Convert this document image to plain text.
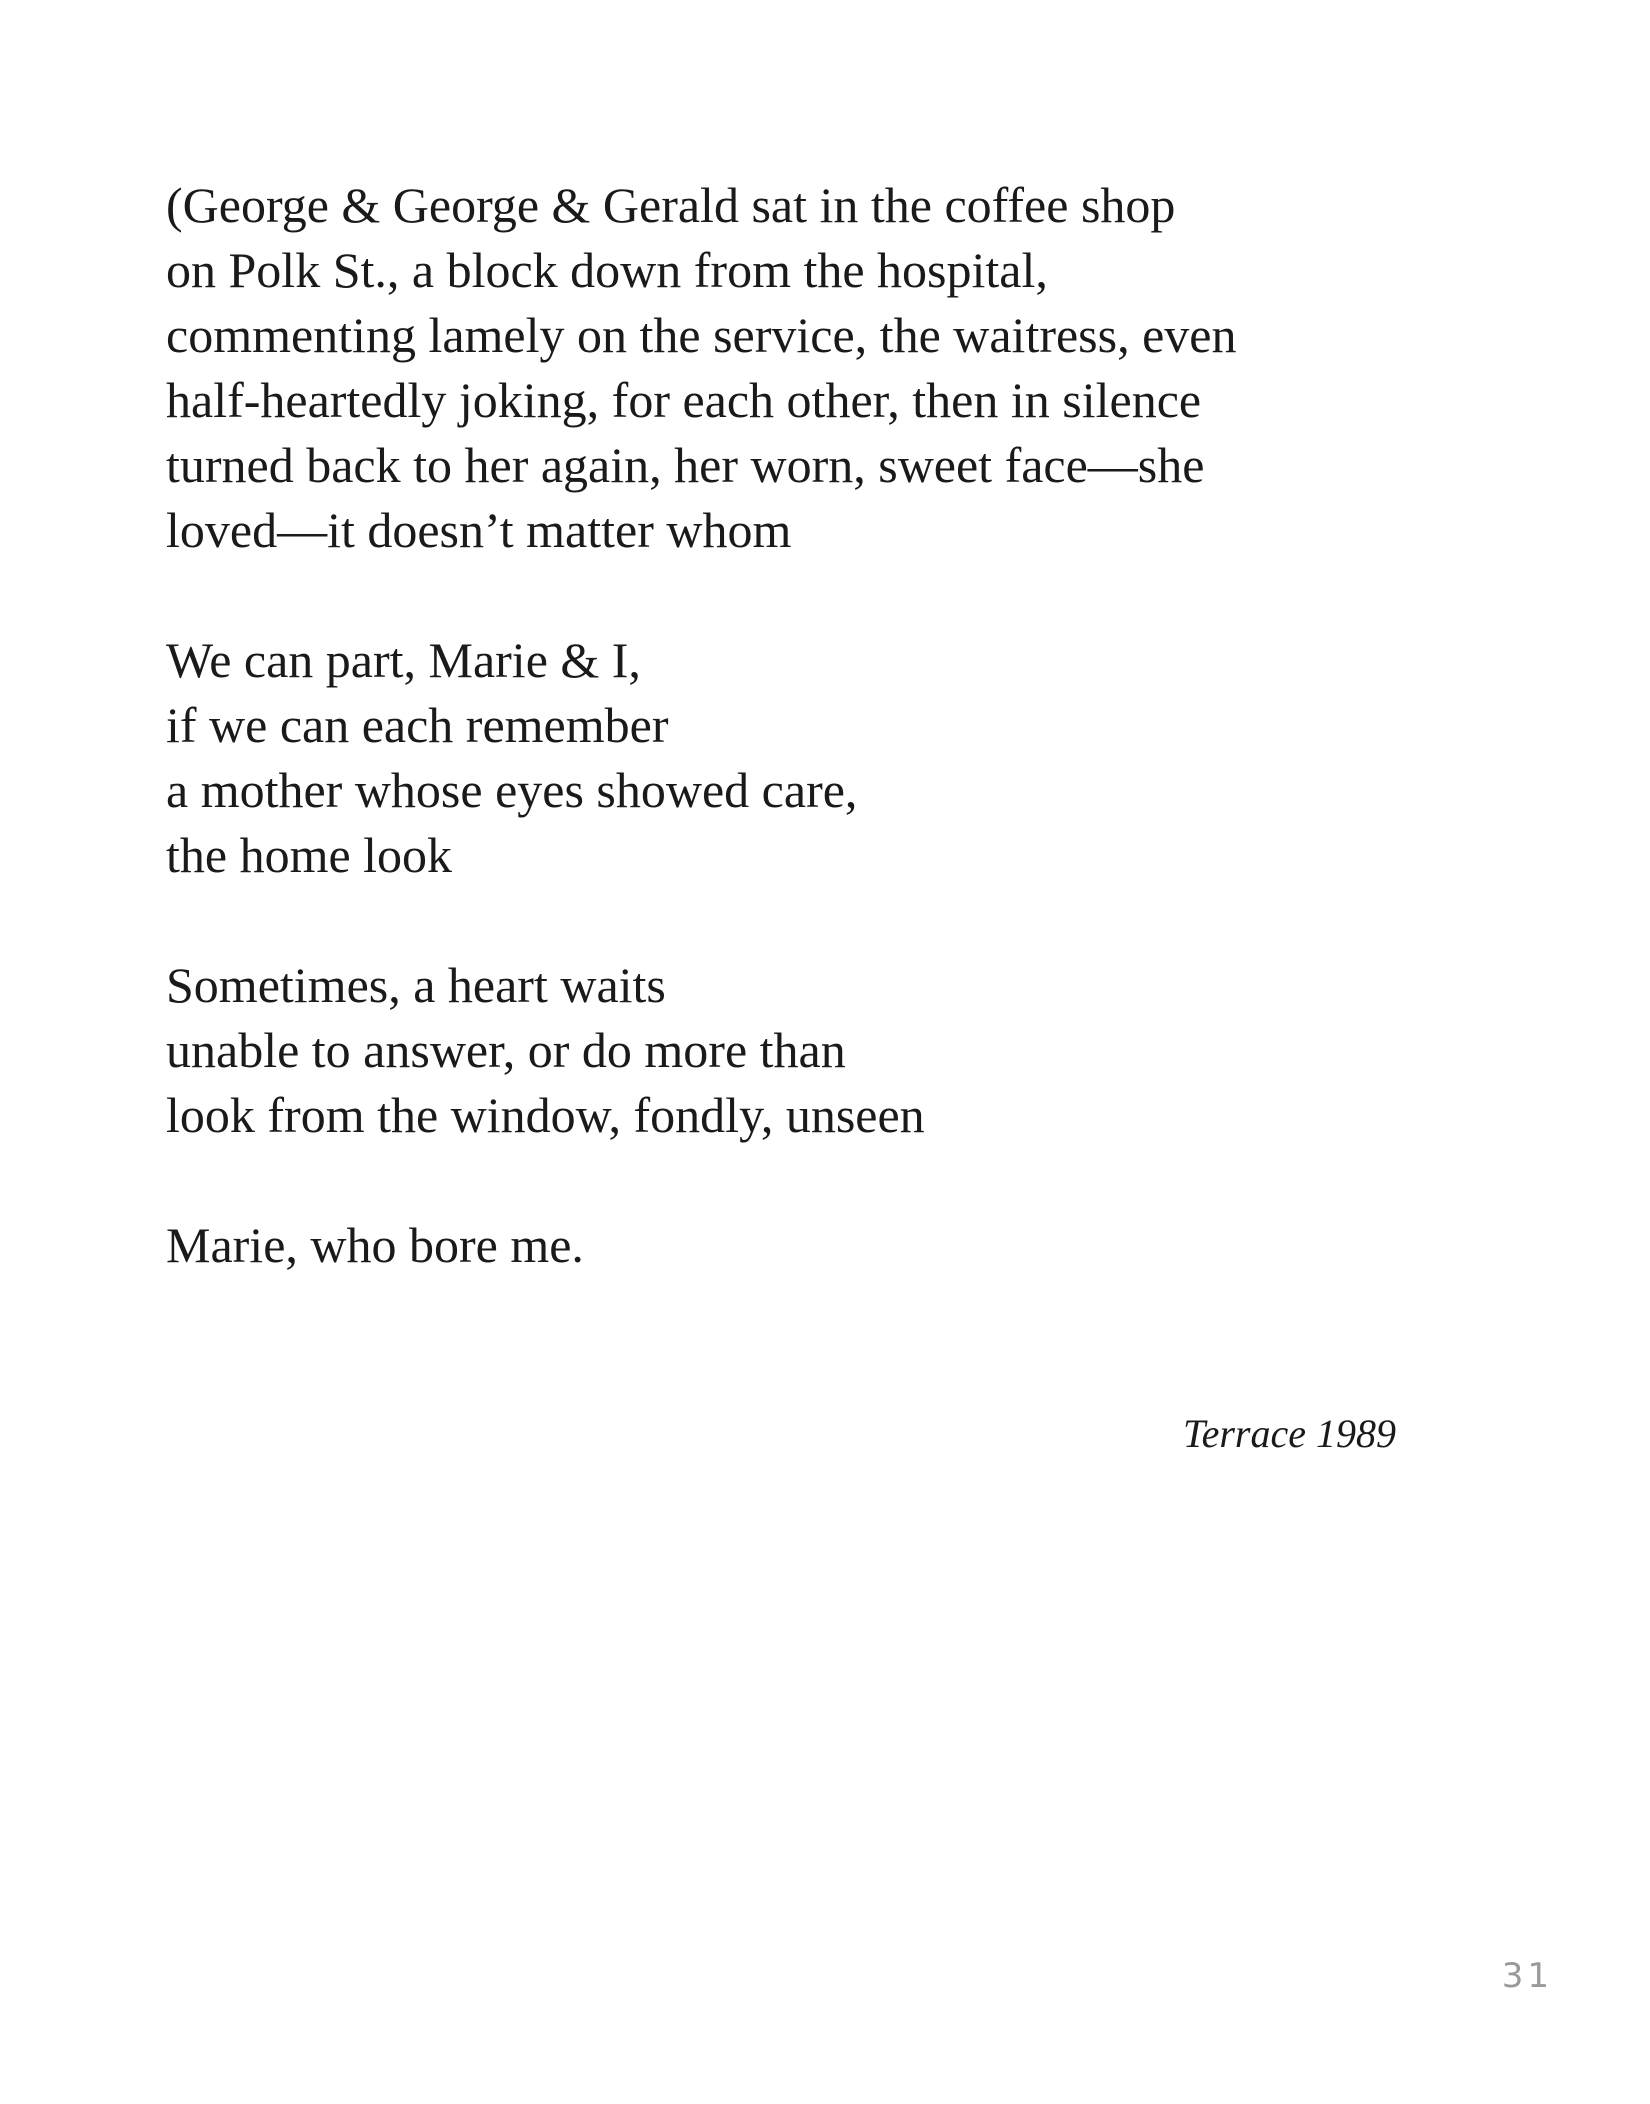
(George & George & Gerald sat in the coffee shop
on Polk St., a block down from the hospital,
commenting lamely on the service, the waitress, even
half-heartedly joking, for each other, then in silence
turned back to her again, her worn, sweet face—she
loved—it doesn’t matter whom
We can part, Marie & I,
if we can each remember
a mother whose eyes showed care,
the home look
Sometimes, a heart waits
unable to answer, or do more than
look from the window, fondly, unseen
Marie, who bore me.
Terrace 1989
31
